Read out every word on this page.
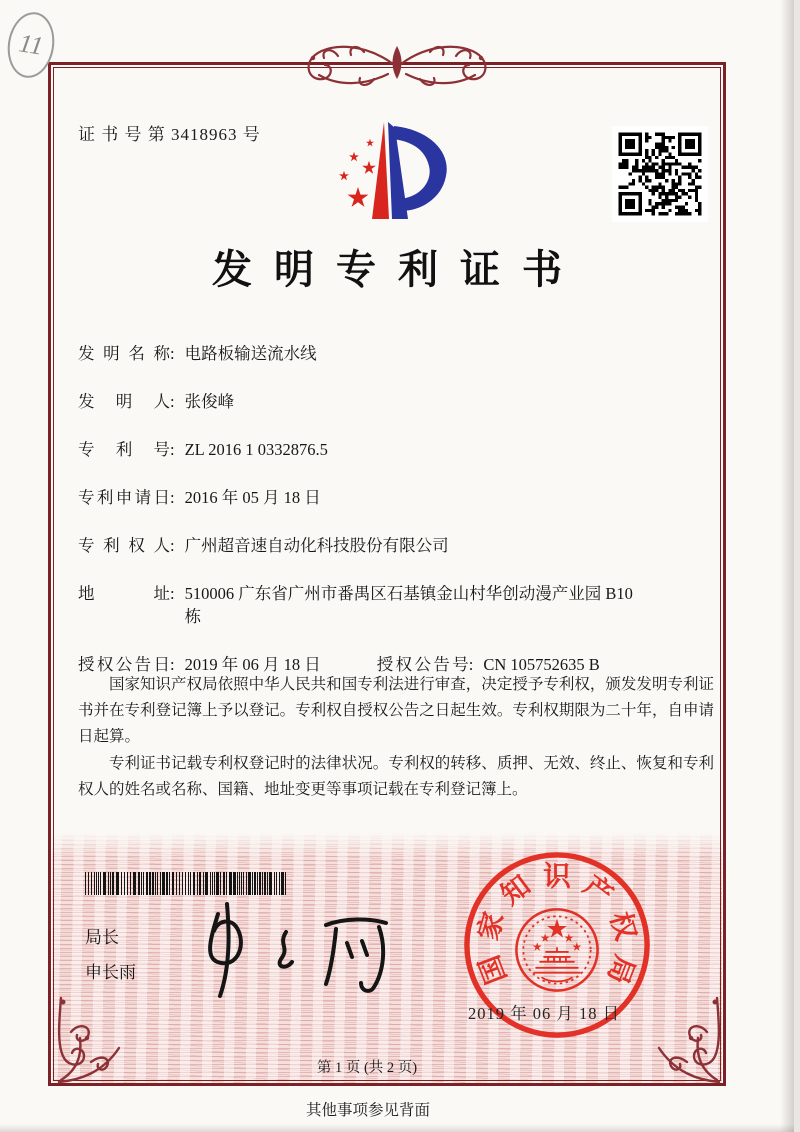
11
证 书 号 第 3418963 号
发明专利证书
发明名称 : 电路板输送流水线
发明人 : 张俊峰
专利号 : ZL 2016 1 0332876.5
专利申请日 : 2016 年 05 月 18 日
专利权人 : 广州超音速自动化科技股份有限公司
地址 : 510006 广东省广州市番禺区石基镇金山村华创动漫产业园 B10 栋
授权公告日 : 2019 年 06 月 18 日	授权公告号 : CN 105752635 B

国家知识产权局依照中华人民共和国专利法进行审查，决定授予专利权，颁发发明专利证书并在专利登记簿上予以登记。专利权自授权公告之日起生效。专利权期限为二十年，自申请日起算。

专利证书记载专利权登记时的法律状况。专利权的转移、质押、无效、终止、恢复和专利权人的姓名或名称、国籍、地址变更等事项记载在专利登记簿上。

局长
申长雨	国
家
知 识 产
权
局
2019 年 06 月 18 日
第 1 页 (共 2 页)
其他事项参见背面
